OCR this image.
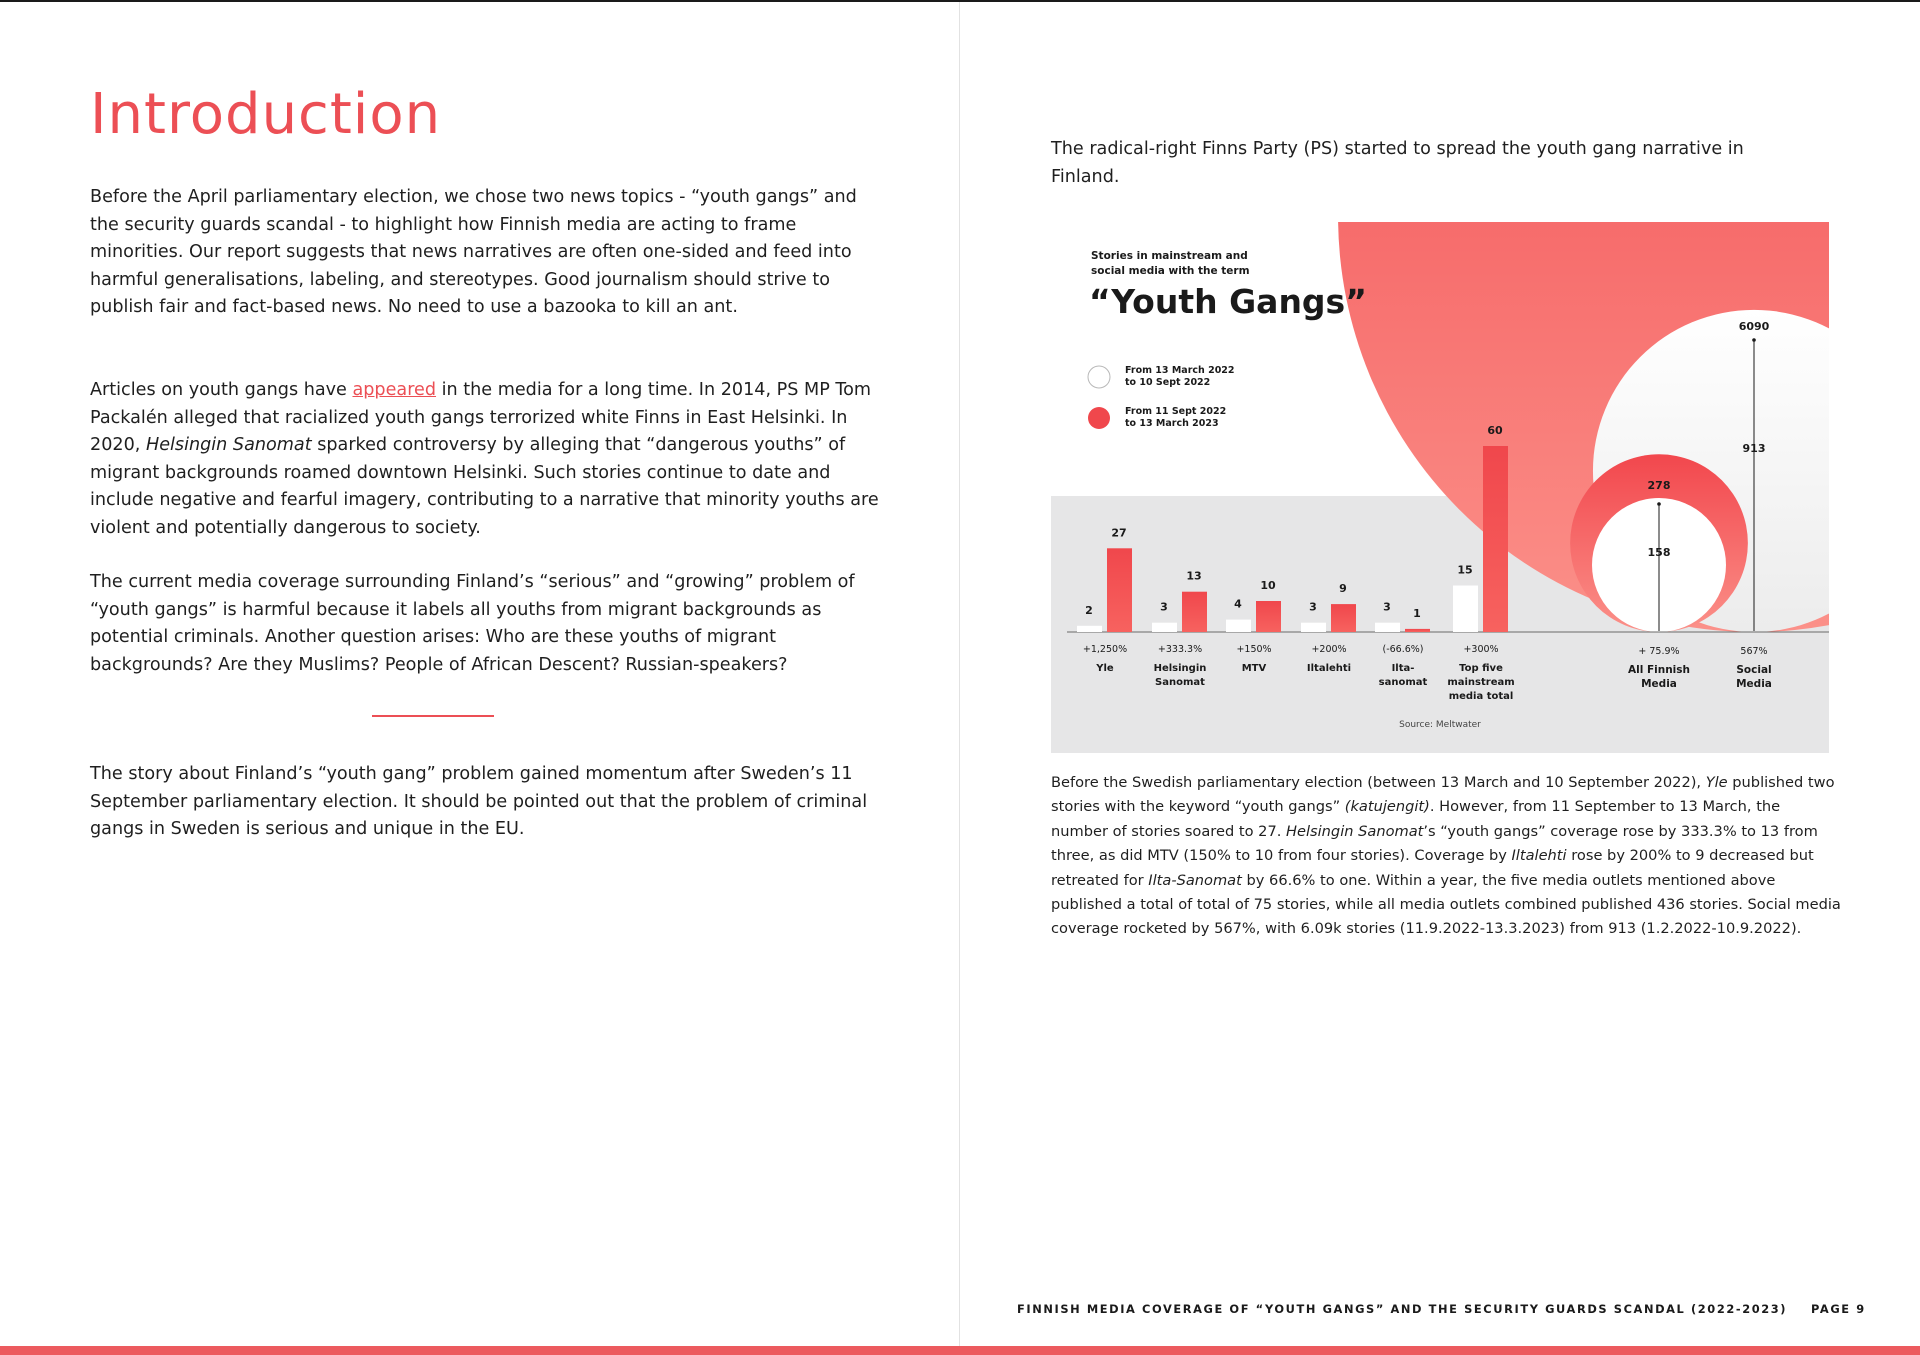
Introduction

Before the April parliamentary election, we chose two news topics - “youth gangs” and the security guards scandal - to highlight how Finnish media are acting to frame minorities. Our report suggests that news narratives are often one-sided and feed into harmful generalisations, labeling, and stereotypes. Good journalism should strive to publish fair and fact-based news. No need to use a bazooka to kill an ant.

Articles on youth gangs have appeared in the media for a long time. In 2014, PS MP Tom Packalén alleged that racialized youth gangs terrorized white Finns in East Helsinki. In 2020, Helsingin Sanomat sparked controversy by alleging that “dangerous youths” of migrant backgrounds roamed downtown Helsinki. Such stories continue to date and include negative and fearful imagery, contributing to a narrative that minority youths are violent and potentially dangerous to society.

The current media coverage surrounding Finland’s “serious” and “growing” problem of “youth gangs” is harmful because it labels all youths from migrant backgrounds as potential criminals. Another question arises: Who are these youths of migrant backgrounds? Are they Muslims? People of African Descent? Russian-speakers?

The story about Finland’s “youth gang” problem gained momentum after Sweden’s 11 September parliamentary election. It should be pointed out that the problem of criminal gangs in Sweden is serious and unique in the EU.

The radical-right Finns Party (PS) started to spread the youth gang narrative in Finland.

6090
913
278
158
Stories in mainstream and
social media with the term
“Youth Gangs”
From 13 March 2022
to 10 Sept 2022
From 11 Sept 2022
to 13 March 2023
2
27
+1,250%
Yle
3
13
+333.3%
Helsingin
Sanomat
4
10
+150%
MTV
3
9
+200%
Iltalehti
3 1
(-66.6%)
Ilta-
sanomat
15
60
+300%
Top five
mainstream
media total
+ 75.9%
All Finnish
Media
567%
Social
Media
Source: Meltwater

Before the Swedish parliamentary election (between 13 March and 10 September 2022), Yle published two stories with the keyword “youth gangs” (katujengit). However, from 11 September to 13 March, the number of stories soared to 27. Helsingin Sanomat’s “youth gangs” coverage rose by 333.3% to 13 from three, as did MTV (150% to 10 from four stories). Coverage by Iltalehti rose by 200% to 9 decreased but retreated for Ilta-Sanomat by 66.6% to one. Within a year, the five media outlets mentioned above published a total of total of 75 stories, while all media outlets combined published 436 stories. Social media coverage rocketed by 567%, with 6.09k stories (11.9.2022-13.3.2023) from 913 (1.2.2022-10.9.2022).

FINNISH MEDIA COVERAGE OF “YOUTH GANGS” AND THE SECURITY GUARDS SCANDAL (2022-2023) PAGE 9
